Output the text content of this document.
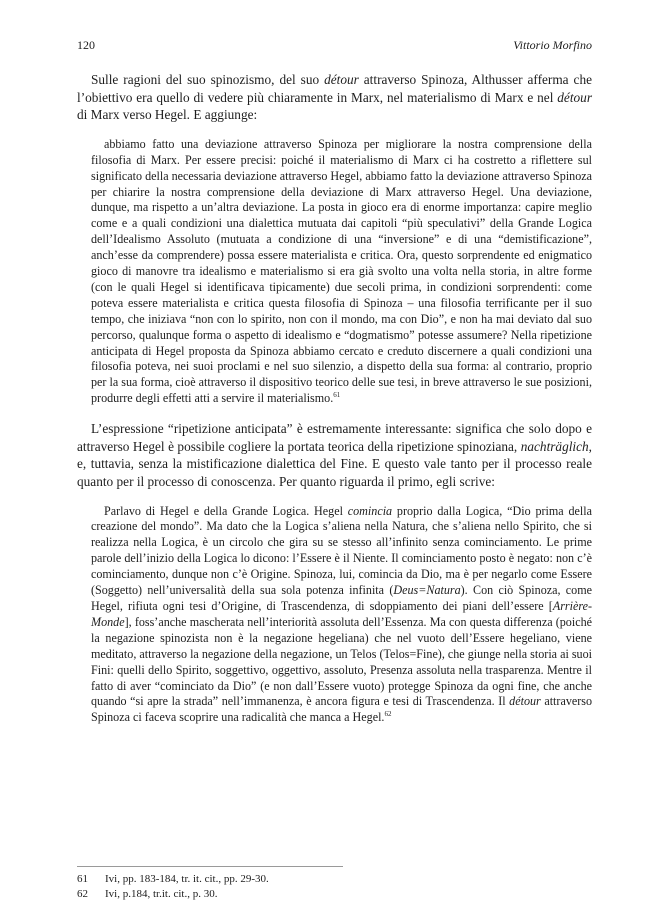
120	Vittorio Morfino

Sulle ragioni del suo spinozismo, del suo détour attraverso Spinoza, Althusser afferma che l’obiettivo era quello di vedere più chiaramente in Marx, nel materialismo di Marx e nel détour di Marx verso Hegel. E aggiunge:

abbiamo fatto una deviazione attraverso Spinoza per migliorare la nostra comprensione della filosofia di Marx. Per essere precisi: poiché il materialismo di Marx ci ha costretto a riflettere sul significato della necessaria deviazione attraverso Hegel, abbiamo fatto la deviazione attraverso Spinoza per chiarire la nostra comprensione della deviazione di Marx attraverso Hegel. Una deviazione, dunque, ma rispetto a un’altra deviazione. La posta in gioco era di enorme importanza: capire meglio come e a quali condizioni una dialettica mutuata dai capitoli “più speculativi” della Grande Logica dell’Idealismo Assoluto (mutuata a condizione di una “inversione” e di una “demistificazione”, anch’esse da comprendere) possa essere materialista e critica. Ora, questo sorprendente ed enigmatico gioco di manovre tra idealismo e materialismo si era già svolto una volta nella storia, in altre forme (con le quali Hegel si identificava tipicamente) due secoli prima, in condizioni sorprendenti: come poteva essere materialista e critica questa filosofia di Spinoza – una filosofia terrificante per il suo tempo, che iniziava “non con lo spirito, non con il mondo, ma con Dio”, e non ha mai deviato dal suo percorso, qualunque forma o aspetto di idealismo e “dogmatismo” potesse assumere? Nella ripetizione anticipata di Hegel proposta da Spinoza abbiamo cercato e creduto discernere a quali condizioni una filosofia poteva, nei suoi proclami e nel suo silenzio, a dispetto della sua forma: al contrario, proprio per la sua forma, cioè attraverso il dispositivo teorico delle sue tesi, in breve attraverso le sue posizioni, produrre degli effetti atti a servire il materialismo.$^{61}$

L’espressione “ripetizione anticipata” è estremamente interessante: significa che solo dopo e attraverso Hegel è possibile cogliere la portata teorica della ripetizione spinoziana, nachträglich, e, tuttavia, senza la mistificazione dialettica del Fine. E questo vale tanto per il processo reale quanto per il processo di conoscenza. Per quanto riguarda il primo, egli scrive:

Parlavo di Hegel e della Grande Logica. Hegel comincia proprio dalla Logica, “Dio prima della creazione del mondo”. Ma dato che la Logica s’aliena nella Natura, che s’aliena nello Spirito, che si realizza nella Logica, è un circolo che gira su se stesso all’infinito senza cominciamento. Le prime parole dell’inizio della Logica lo dicono: l’Essere è il Niente. Il cominciamento posto è negato: non c’è cominciamento, dunque non c’è Origine. Spinoza, lui, comincia da Dio, ma è per negarlo come Essere (Soggetto) nell’universalità della sua sola potenza infinita (Deus=Natura). Con ciò Spinoza, come Hegel, rifiuta ogni tesi d’Origine, di Trascendenza, di sdoppiamento dei piani dell’essere [Arrière-Monde], foss’anche mascherata nell’interiorità assoluta dell’Essenza. Ma con questa differenza (poiché la negazione spinozista non è la negazione hegeliana) che nel vuoto dell’Essere hegeliano, viene meditato, attraverso la negazione della negazione, un Telos (Telos=Fine), che giunge nella storia ai suoi Fini: quelli dello Spirito, soggettivo, oggettivo, assoluto, Presenza assoluta nella trasparenza. Mentre il fatto di aver “cominciato da Dio” (e non dall’Essere vuoto) protegge Spinoza da ogni fine, che anche quando “si apre la strada” nell’immanenza, è ancora figura e tesi di Trascendenza. Il détour attraverso Spinoza ci faceva scoprire una radicalità che manca a Hegel.$^{62}$

61	Ivi, pp. 183-184, tr. it. cit., pp. 29-30.
62	Ivi, p.184, tr.it. cit., p. 30.
